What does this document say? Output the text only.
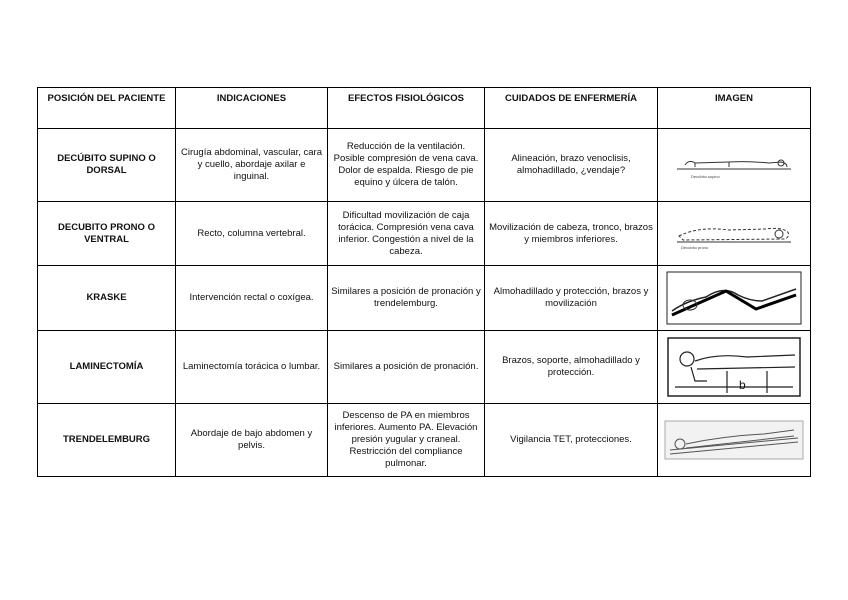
POSICIÓN DEL PACIENTE	INDICACIONES	EFECTOS FISIOLÓGICOS	CUIDADOS DE ENFERMERÍA	IMAGEN
DECÚBITO SUPINO O DORSAL	Cirugía abdominal, vascular, cara y cuello, abordaje axilar e inguinal.	Reducción de la ventilación. Posible compresión de vena cava. Dolor de espalda. Riesgo de pie equino y úlcera de talón.	Alineación, brazo venoclisis, almohadillado, ¿vendaje?	Decúbito supino

DECUBITO PRONO O VENTRAL	Recto, columna vertebral.	Dificultad movilización de caja torácica. Compresión vena cava inferior. Congestión a nivel de la cabeza.	Movilización de cabeza, tronco, brazos y miembros inferiores.	Decúbito prono

KRASKE	Intervención rectal o coxígea.	Similares a posición de pronación y trendelemburg.	Almohadillado y protección, brazos y movilización	

LAMINECTOMÍA	Laminectomía torácica o lumbar.	Similares a posición de pronación.	Brazos, soporte, almohadillado y protección.	b

TRENDELEMBURG	Abordaje de bajo abdomen y pelvis.	Descenso de PA en miembros inferiores. Aumento PA. Elevación presión yugular y craneal. Restricción del compliance pulmonar.	Vigilancia TET, protecciones.	
